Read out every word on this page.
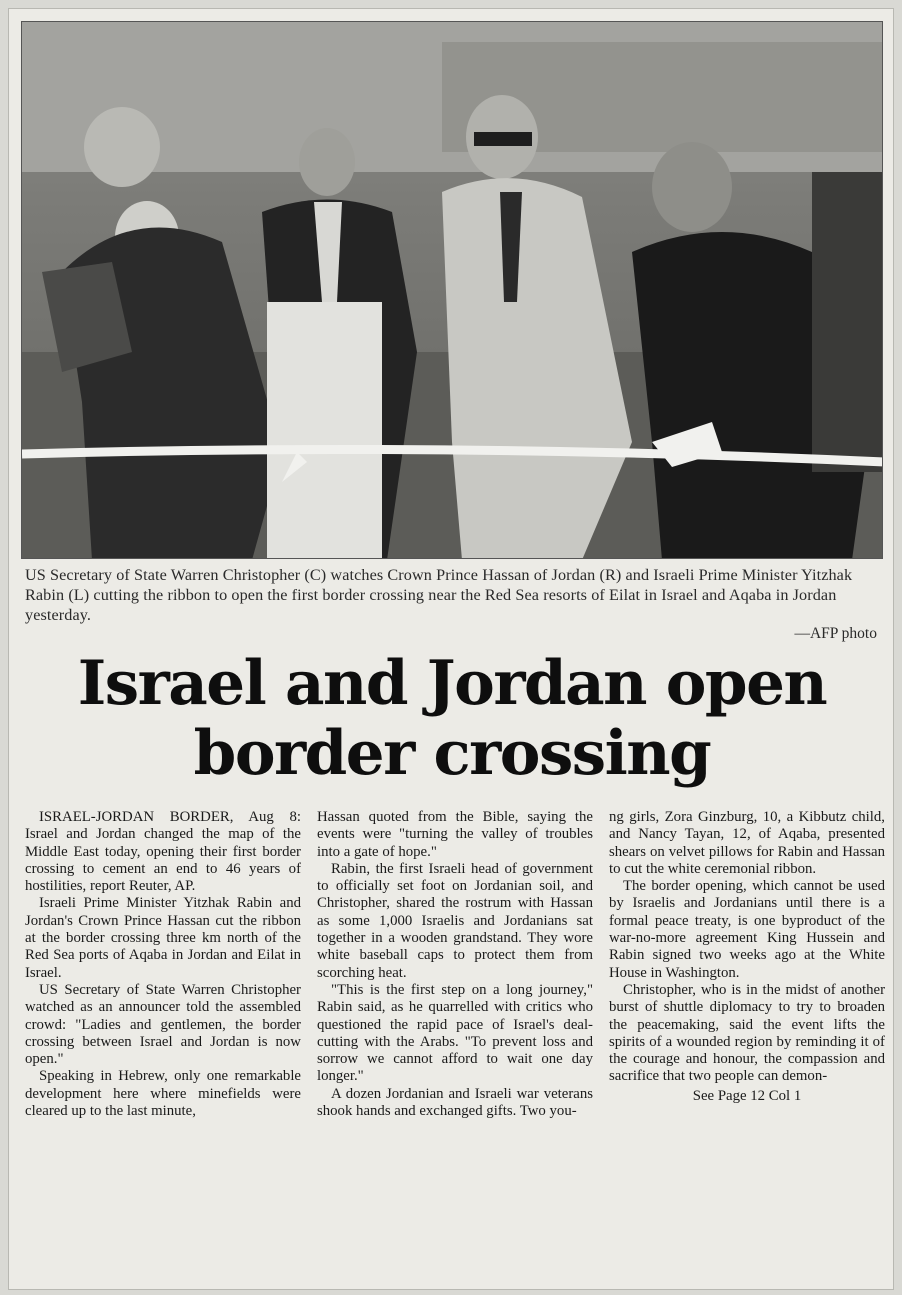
US Secretary of State Warren Christopher (C) watches Crown Prince Hassan of Jordan (R) and Israeli Prime Minister Yitzhak Rabin (L) cutting the ribbon to open the first border crossing near the Red Sea resorts of Eilat in Israel and Aqaba in Jordan yesterday.
—AFP photo
Israel and Jordan open
border crossing

ISRAEL-JORDAN BORDER, Aug 8: Israel and Jordan changed the map of the Middle East today, opening their first border crossing to cement an end to 46 years of hostilities, report Reuter, AP.

Israeli Prime Minister Yitzhak Rabin and Jordan's Crown Prince Hassan cut the ribbon at the border crossing three km north of the Red Sea ports of Aqaba in Jordan and Eilat in Israel.

US Secretary of State Warren Christopher watched as an announcer told the assembled crowd: "Ladies and gentlemen, the border crossing between Israel and Jordan is now open."

Speaking in Hebrew, only one remarkable development here where minefields were cleared up to the last minute,

Hassan quoted from the Bible, saying the events were "turning the valley of troubles into a gate of hope."

Rabin, the first Israeli head of government to officially set foot on Jordanian soil, and Christopher, shared the rostrum with Hassan as some 1,000 Israelis and Jordanians sat together in a wooden grandstand. They wore white baseball caps to protect them from scorching heat.

"This is the first step on a long journey," Rabin said, as he quarrelled with critics who questioned the rapid pace of Israel's deal-cutting with the Arabs. "To prevent loss and sorrow we cannot afford to wait one day longer."

A dozen Jordanian and Israeli war veterans shook hands and exchanged gifts. Two you-

ng girls, Zora Ginzburg, 10, a Kibbutz child, and Nancy Tayan, 12, of Aqaba, presented shears on velvet pillows for Rabin and Hassan to cut the white ceremonial ribbon.

The border opening, which cannot be used by Israelis and Jordanians until there is a formal peace treaty, is one byproduct of the war-no-more agreement King Hussein and Rabin signed two weeks ago at the White House in Washington.

Christopher, who is in the midst of another burst of shuttle diplomacy to try to broaden the peacemaking, said the event lifts the spirits of a wounded region by reminding it of the courage and honour, the compassion and sacrifice that two people can demon-

See Page 12 Col 1
